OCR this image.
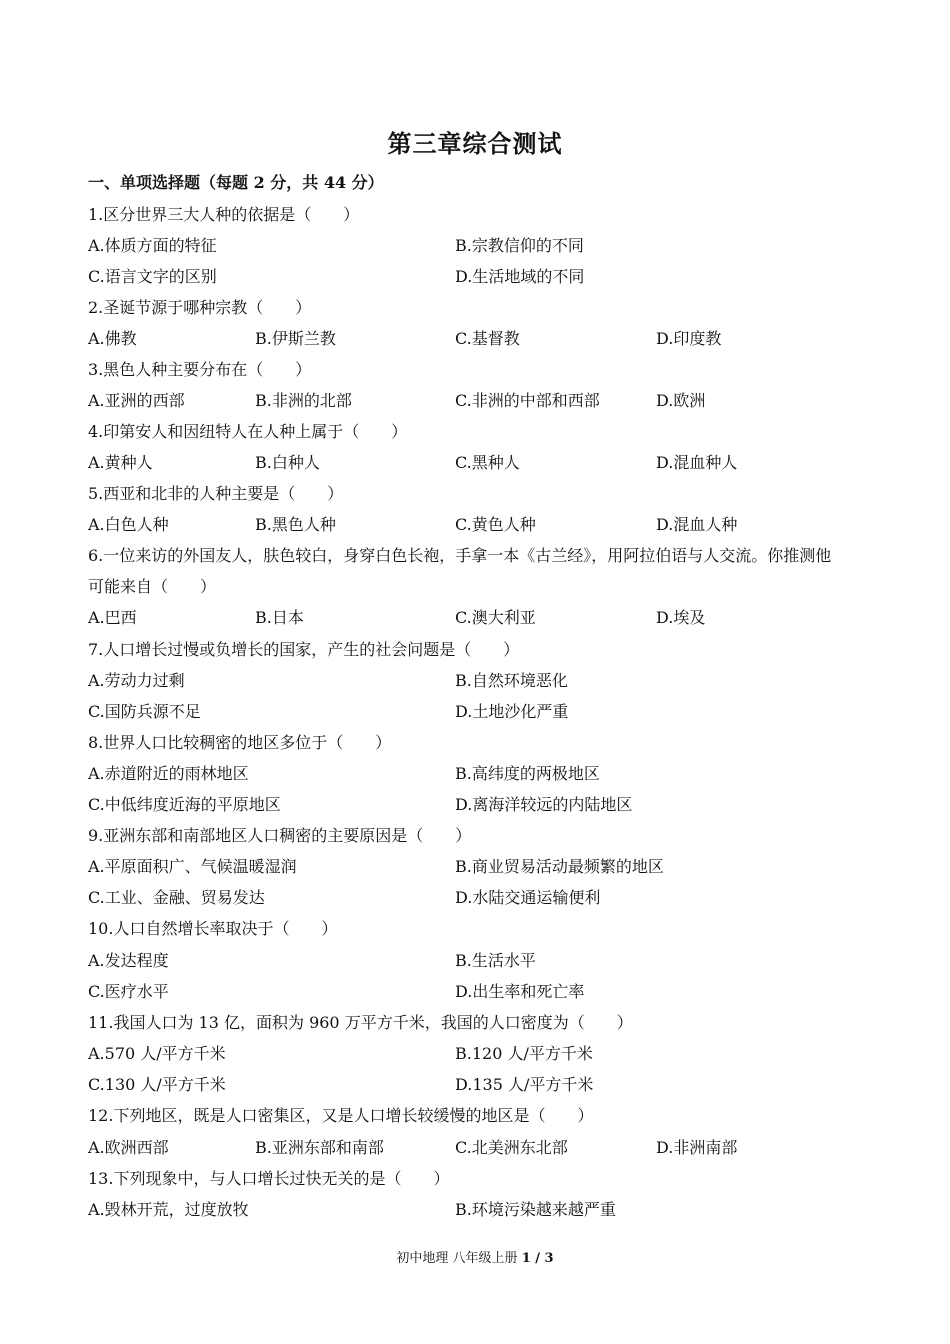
第三章综合测试
一、单项选择题（每题 2 分，共 44 分）
1.区分世界三大人种的依据是（　　）
A.体质方面的特征	B.宗教信仰的不同
C.语言文字的区别	D.生活地域的不同
2.圣诞节源于哪种宗教（　　）
A.佛教	B.伊斯兰教	C.基督教	D.印度教
3.黑色人种主要分布在（　　）
A.亚洲的西部	B.非洲的北部	C.非洲的中部和西部	D.欧洲
4.印第安人和因纽特人在人种上属于（　　）
A.黄种人	B.白种人	C.黑种人	D.混血种人
5.西亚和北非的人种主要是（　　）
A.白色人种	B.黑色人种	C.黄色人种	D.混血人种
6.一位来访的外国友人，肤色较白，身穿白色长袍，手拿一本《古兰经》，用阿拉伯语与人交流。你推测他
可能来自（　　）
A.巴西	B.日本	C.澳大利亚	D.埃及
7.人口增长过慢或负增长的国家，产生的社会问题是（　　）
A.劳动力过剩	B.自然环境恶化
C.国防兵源不足	D.土地沙化严重
8.世界人口比较稠密的地区多位于（　　）
A.赤道附近的雨林地区	B.高纬度的两极地区
C.中低纬度近海的平原地区	D.离海洋较远的内陆地区
9.亚洲东部和南部地区人口稠密的主要原因是（　　）
A.平原面积广、气候温暖湿润	B.商业贸易活动最频繁的地区
C.工业、金融、贸易发达	D.水陆交通运输便利
10.人口自然增长率取决于（　　）
A.发达程度	B.生活水平
C.医疗水平	D.出生率和死亡率
11.我国人口为 13 亿，面积为 960 万平方千米，我国的人口密度为（　　）
A.570 人/平方千米	B.120 人/平方千米
C.130 人/平方千米	D.135 人/平方千米
12.下列地区，既是人口密集区，又是人口增长较缓慢的地区是（　　）
A.欧洲西部	B.亚洲东部和南部	C.北美洲东北部	D.非洲南部
13.下列现象中，与人口增长过快无关的是（　　）
A.毁林开荒，过度放牧	B.环境污染越来越严重
初中地理 八年级上册 1 / 3
